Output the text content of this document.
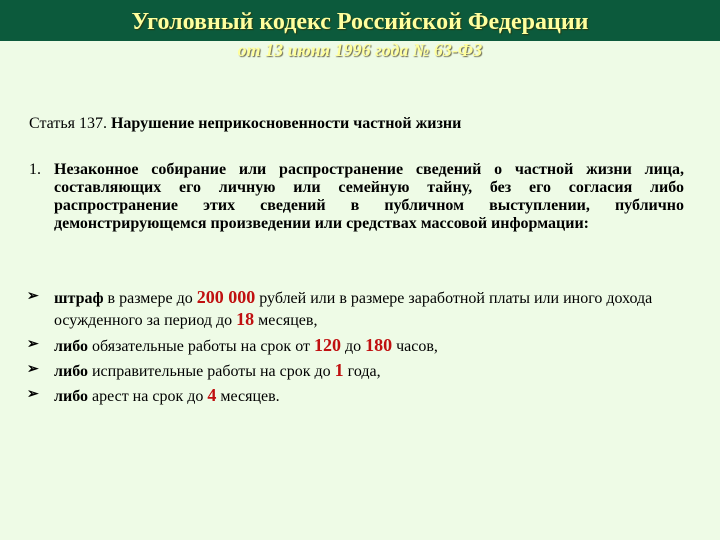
Уголовный кодекс Российской Федерации
от 13 июня 1996 года № 63-ФЗ
Статья 137. Нарушение неприкосновенности частной жизни
1. Незаконное собирание или распространение сведений о частной жизни лица, составляющих его личную или семейную тайну, без его согласия либо распространение этих сведений в публичном выступлении, публично демонстрирующемся произведении или средствах массовой информации:
➢ штраф в размере до 200 000 рублей или в размере заработной платы или иного дохода осужденного за период до 18 месяцев,
➢ либо обязательные работы на срок от 120 до 180 часов,
➢ либо исправительные работы на срок до 1 года,
➢ либо арест на срок до 4 месяцев.
